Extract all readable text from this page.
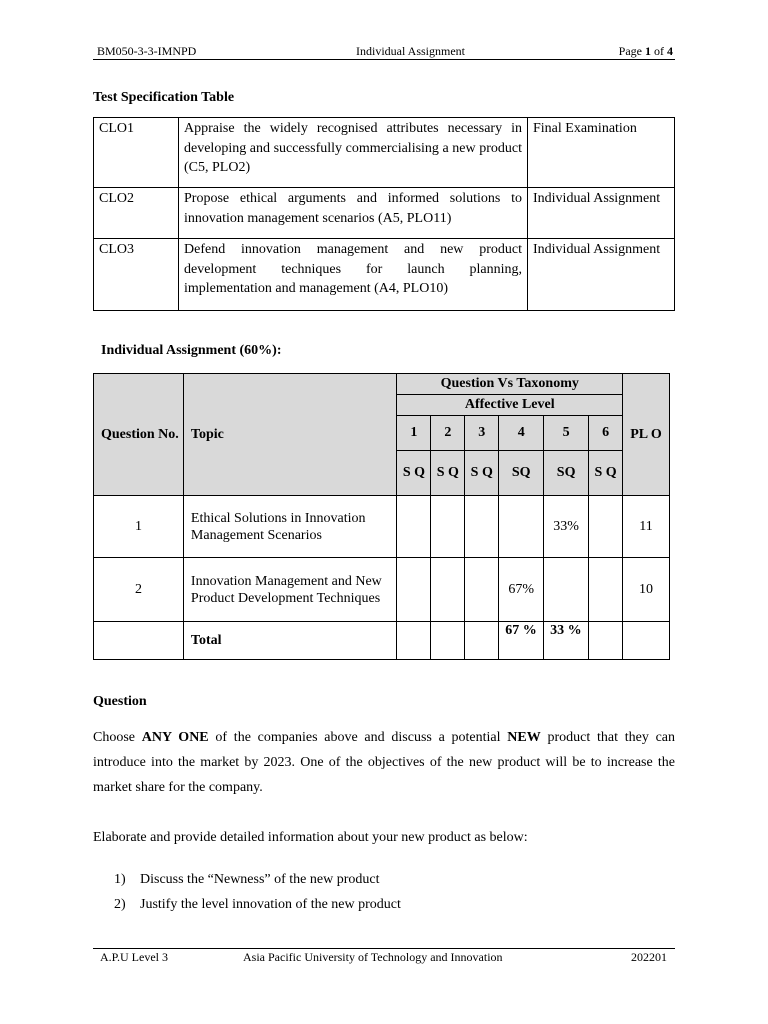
BM050-3-3-IMNPD	Individual Assignment	Page 1 of 4
Test Specification Table
CLO1	Appraise the widely recognised attributes necessary in developing and successfully commercialising a new product (C5, PLO2)	Final Examination
CLO2	Propose ethical arguments and informed solutions to innovation management scenarios (A5, PLO11)	Individual Assignment
CLO3	Defend innovation management and new product development techniques for launch planning, implementation and management (A4, PLO10)	Individual Assignment
Individual Assignment (60%):
Question No.	Topic	Question Vs Taxonomy						PL O
		Affective Level						
		1	2	3	4	5	6	
		S Q	S Q	S Q	SQ	SQ	S Q	
1	Ethical Solutions in Innovation Management Scenarios					33%		11
2	Innovation Management and New Product Development Techniques				67%			10
	Total				67 %	33 %		
Question

Choose ANY ONE of the companies above and discuss a potential NEW product that they can introduce into the market by 2023. One of the objectives of the new product will be to increase the market share for the company.

Elaborate and provide detailed information about your new product as below:

1) Discuss the “Newness” of the new product
2) Justify the level innovation of the new product
A.P.U Level 3	Asia Pacific University of Technology and Innovation	202201
